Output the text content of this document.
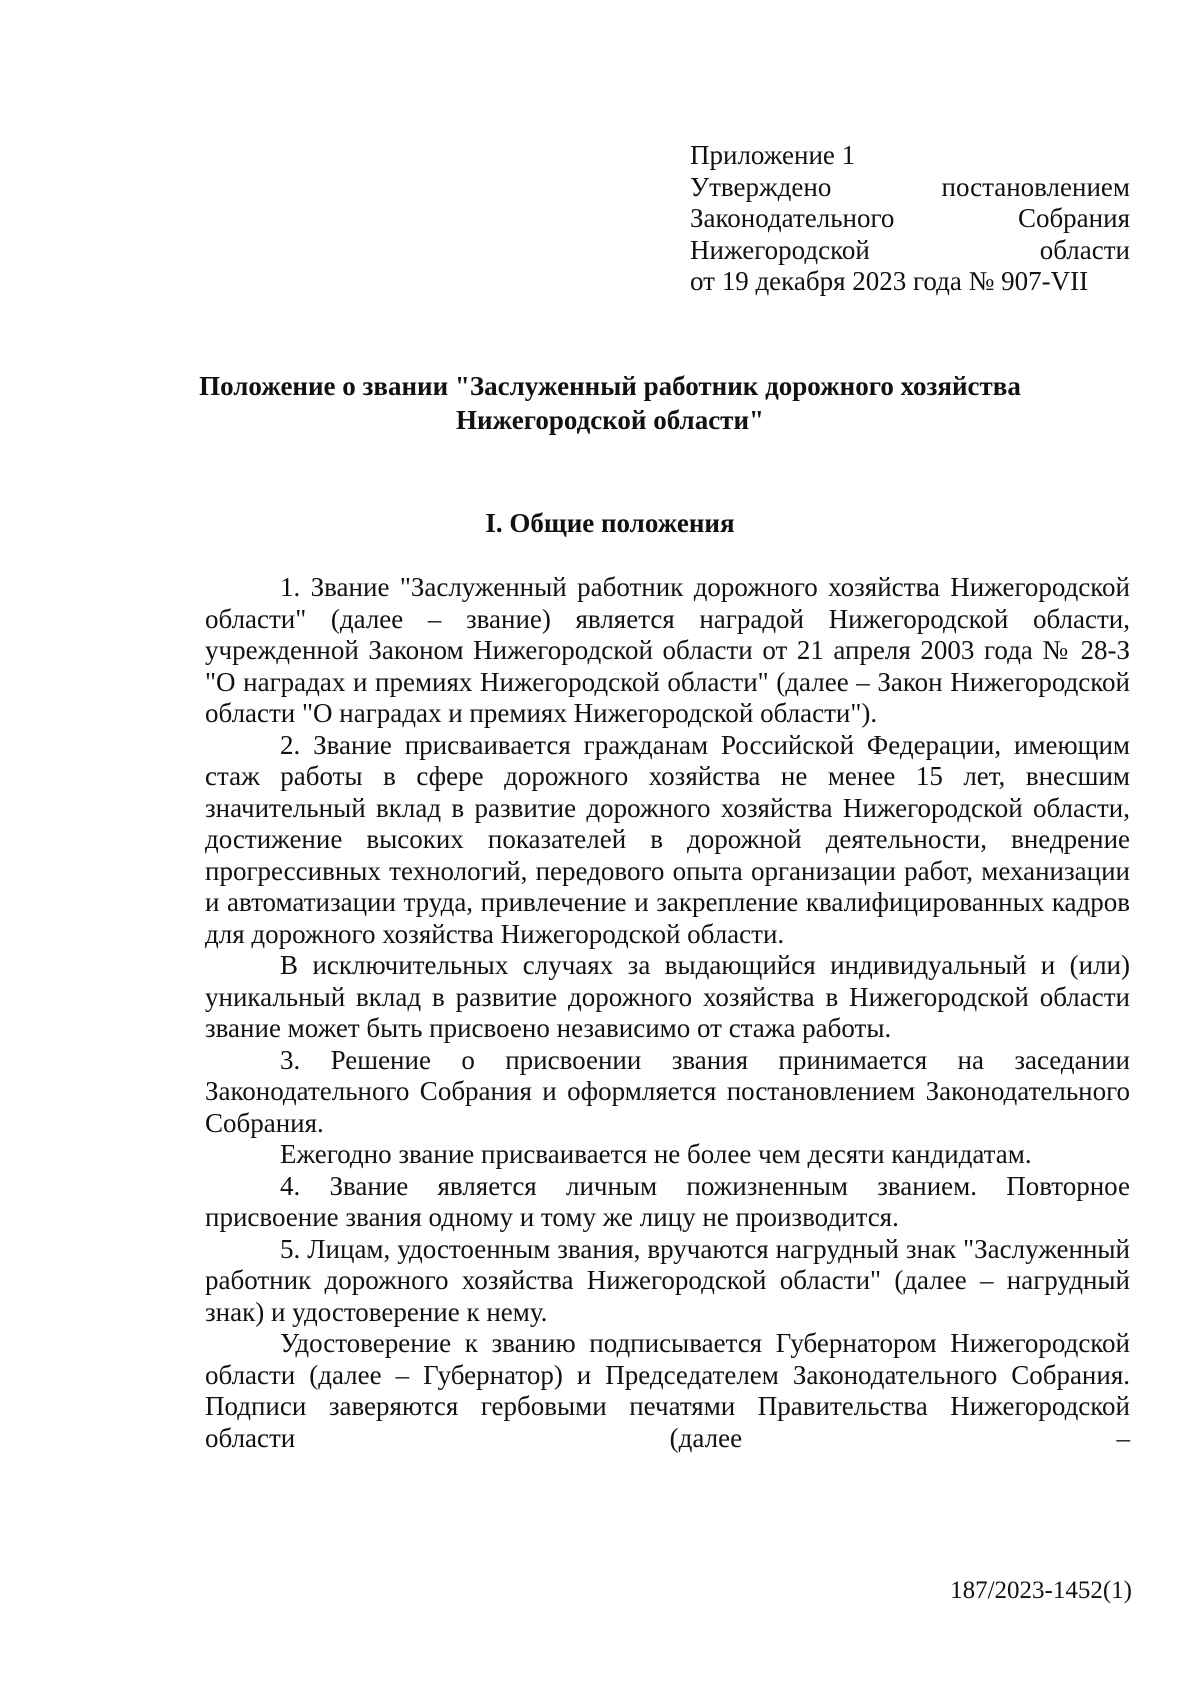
Приложение 1
Утверждено	постановлением
Законодательного	Собрания
Нижегородской	области
от 19 декабря 2023 года № 907-VII
Положение о звании "Заслуженный работник дорожного хозяйства Нижегородской области"
I. Общие положения

1. Звание "Заслуженный работник дорожного хозяйства Нижегородской области" (далее – звание) является наградой Нижегородской области, учрежденной Законом Нижегородской области от 21 апреля 2003 года № 28-З "О наградах и премиях Нижегородской области" (далее – Закон Нижегородской области "О наградах и премиях Нижегородской области").

2. Звание присваивается гражданам Российской Федерации, имеющим стаж работы в сфере дорожного хозяйства не менее 15 лет, внесшим значительный вклад в развитие дорожного хозяйства Нижегородской области, достижение высоких показателей в дорожной деятельности, внедрение прогрессивных технологий, передового опыта организации работ, механизации и автоматизации труда, привлечение и закрепление квалифицированных кадров для дорожного хозяйства Нижегородской области.

В исключительных случаях за выдающийся индивидуальный и (или) уникальный вклад в развитие дорожного хозяйства в Нижегородской области звание может быть присвоено независимо от стажа работы.

3. Решение о присвоении звания принимается на заседании Законодательного Собрания и оформляется постановлением Законодательного Собрания.

Ежегодно звание присваивается не более чем десяти кандидатам.

4. Звание является личным пожизненным званием. Повторное присвоение звания одному и тому же лицу не производится.

5. Лицам, удостоенным звания, вручаются нагрудный знак "Заслуженный работник дорожного хозяйства Нижегородской области" (далее – нагрудный знак) и удостоверение к нему.

Удостоверение к званию подписывается Губернатором Нижегородской области (далее – Губернатор) и Председателем Законодательного Собрания. Подписи заверяются гербовыми печатями Правительства Нижегородской области (далее –

187/2023-1452(1)
